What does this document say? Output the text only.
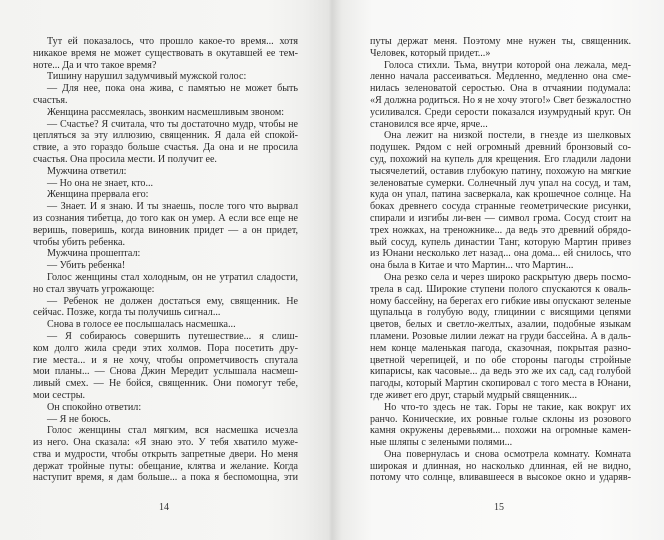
Тут ей показалось, что прошло какое-то время... хотя
никакое время не может существовать в окутавшей ее тем-
ноте... Да и что такое время?
Тишину нарушил задумчивый мужской голос:
— Для нее, пока она жива, с памятью не может быть
счастья.
Женщина рассмеялась, звонким насмешливым звоном:
— Счастье? Я считала, что ты достаточно мудр, чтобы не
цепляться за эту иллюзию, священник. Я дала ей спокой-
ствие, а это гораздо больше счастья. Да она и не просила
счастья. Она просила мести. И получит ее.
Мужчина ответил:
— Но она не знает, кто...
Женщина прервала его:
— Знает. И я знаю. И ты знаешь, после того что вырвал
из сознания тибетца, до того как он умер. А если все еще не
веришь, поверишь, когда виновник придет — а он придет,
чтобы убить ребенка.
Мужчина прошептал:
— Убить ребенка!
Голос женщины стал холодным, он не утратил сладости,
но стал звучать угрожающе:
— Ребенок не должен достаться ему, священник. Не
сейчас. Позже, когда ты получишь сигнал...
Снова в голосе ее послышалась насмешка...
— Я собираюсь совершить путешествие... я слиш-
ком долго жила среди этих холмов. Пора посетить дру-
гие места... и я не хочу, чтобы опрометчивость спутала
мои планы... — Снова Джин Мередит услышала насмеш-
ливый смех. — Не бойся, священник. Они помогут тебе,
мои сестры.
Он спокойно ответил:
— Я не боюсь.
Голос женщины стал мягким, вся насмешка исчезла
из него. Она сказала: «Я знаю это. У тебя хватило муже-
ства и мудрости, чтобы открыть запретные двери. Но меня
держат тройные путы: обещание, клятва и желание. Когда
наступит время, я дам больше... а пока я беспомощна, эти
путы держат меня. Поэтому мне нужен ты, священник.
Человек, который придет...»
Голоса стихли. Тьма, внутри которой она лежала, мед-
ленно начала рассеиваться. Медленно, медленно она сме-
нилась зеленоватой серостью. Она в отчаянии подумала:
«Я должна родиться. Но я не хочу этого!» Свет безжалостно
усиливался. Среди серости показался изумрудный круг. Он
становился все ярче, ярче...
Она лежит на низкой постели, в гнезде из шелковых
подушек. Рядом с ней огромный древний бронзовый со-
суд, похожий на купель для крещения. Его гладили ладони
тысячелетий, оставив глубокую патину, похожую на мягкие
зеленоватые сумерки. Солнечный луч упал на сосуд, и там,
куда он упал, патина засверкала, как крошечное солнце. На
боках древнего сосуда странные геометрические рисунки,
спирали и изгибы ли-вен — символ грома. Сосуд стоит на
трех ножках, на треножнике... да ведь это древний обрядо-
вый сосуд, купель династии Танг, которую Мартин привез
из Юнани несколько лет назад... она дома... ей снилось, что
она была в Китае и что Мартин... что Мартин...
Она резко села и через широко раскрытую дверь посмо-
трела в сад. Широкие ступени полого спускаются к оваль-
ному бассейну, на берегах его гибкие ивы опускают зеленые
щупальца в голубую воду, глицинии с висящими цепями
цветов, белых и светло-желтых, азалии, подобные языкам
пламени. Розовые лилии лежат на груди бассейна. А в даль-
нем конце маленькая пагода, сказочная, покрытая разно-
цветной черепицей, и по обе стороны пагоды стройные
кипарисы, как часовые... да ведь это же их сад, сад голубой
пагоды, который Мартин скопировал с того места в Юнани,
где живет его друг, старый мудрый священник...
Но что-то здесь не так. Горы не такие, как вокруг их
ранчо. Конические, их ровные голые склоны из розового
камня окружены деревьями... похожи на огромные камен-
ные шляпы с зелеными полями...
Она повернулась и снова осмотрела комнату. Комната
широкая и длинная, но насколько длинная, ей не видно,
потому что солнце, вливавшееся в высокое окно и ударяв-
14	15
